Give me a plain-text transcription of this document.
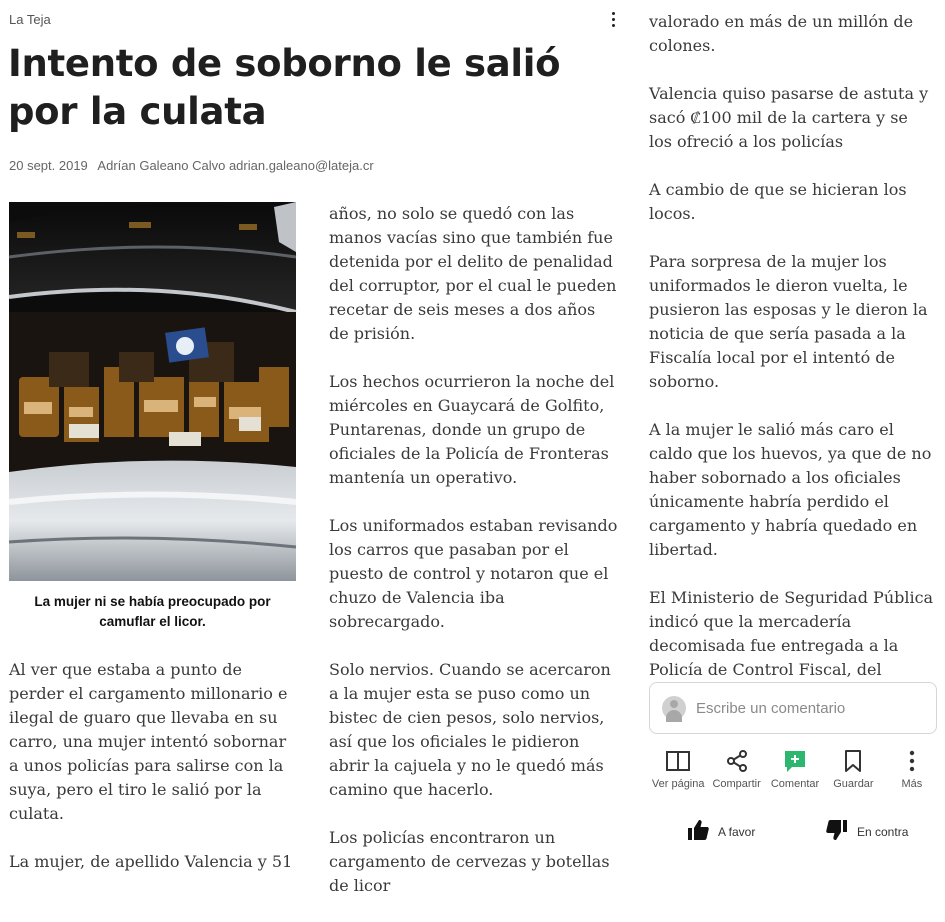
La Teja
Intento de soborno le salió por la culata
20 sept. 2019 Adrían Galeano Calvo adrian.galeano@lateja.cr
La mujer ni se había preocupado por camuflar el licor.

Al ver que estaba a punto de perder el cargamento millonario e ilegal de guaro que llevaba en su carro, una mujer intentó sobornar a unos policías para salirse con la suya, pero el tiro le salió por la culata.

La mujer, de apellido Valencia y 51

años, no solo se quedó con las manos vacías sino que también fue detenida por el delito de penalidad del corruptor, por el cual le pueden recetar de seis meses a dos años de prisión.

Los hechos ocurrieron la noche del miércoles en Guaycará de Golfito, Puntarenas, donde un grupo de oficiales de la Policía de Fronteras mantenía un operativo.

Los uniformados estaban revisando los carros que pasaban por el puesto de control y notaron que el chuzo de Valencia iba sobrecargado.

Solo nervios. Cuando se acercaron a la mujer esta se puso como un bistec de cien pesos, solo nervios, así que los oficiales le pidieron abrir la cajuela y no le quedó más camino que hacerlo.

Los policías encontraron un cargamento de cervezas y botellas de licor

valorado en más de un millón de colones.

Valencia quiso pasarse de astuta y sacó ₡100 mil de la cartera y se los ofreció a los policías

A cambio de que se hicieran los locos.

Para sorpresa de la mujer los uniformados le dieron vuelta, le pusieron las esposas y le dieron la noticia de que sería pasada a la Fiscalía local por el intentó de soborno.

A la mujer le salió más caro el caldo que los huevos, ya que de no haber sobornado a los oficiales únicamente habría perdido el cargamento y habría quedado en libertad.

El Ministerio de Seguridad Pública indicó que la mercadería decomisada fue entregada a la Policía de Control Fiscal, del

Escribe un comentario
Ver página Compartir Comentar Guardar	Más
A favor	En contra
